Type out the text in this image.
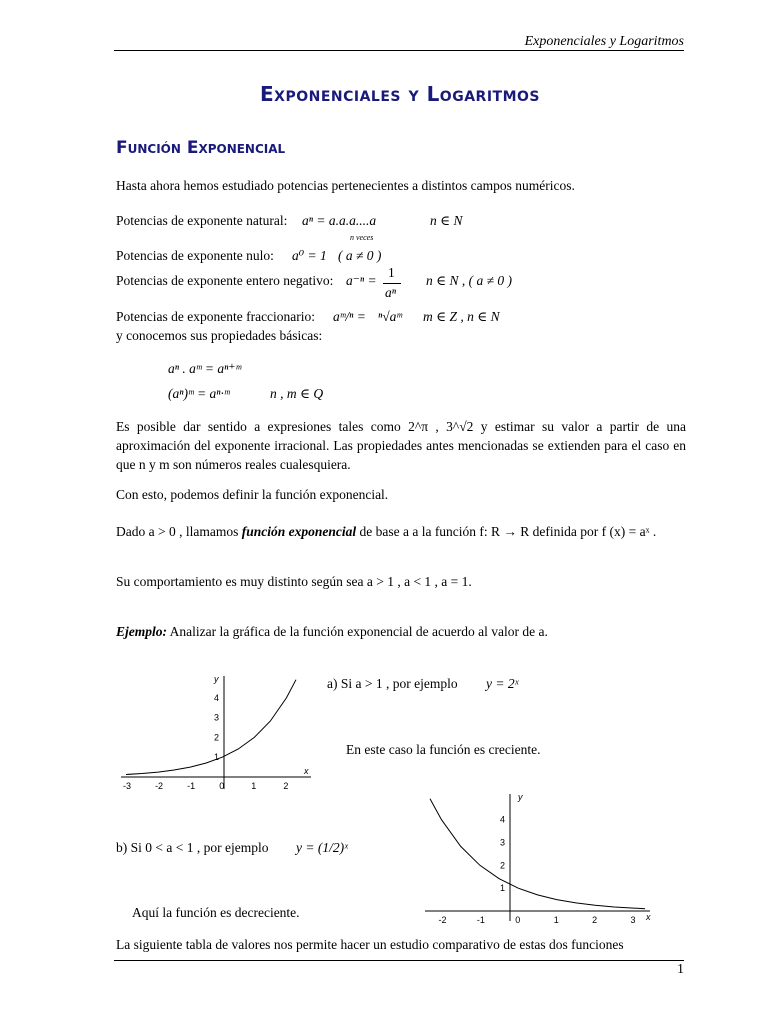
Exponenciales y Logaritmos
Exponenciales y Logaritmos
Función Exponencial
Hasta ahora hemos estudiado potencias pertenecientes a distintos campos numéricos.
Potencias de exponente natural: aⁿ = a.a.a....a
n veces
n ∈ N
Potencias de exponente nulo: a⁰ = 1 ( a ≠ 0 )
Potencias de exponente entero negativo: a⁻ⁿ =
1
aⁿ
n ∈ N , ( a ≠ 0 )
Potencias de exponente fraccionario: aᵐ/ⁿ = ⁿ√aᵐ m ∈ Z , n ∈ N
y conocemos sus propiedades básicas:
aⁿ . aᵐ = aⁿ⁺ᵐ
(aⁿ)ᵐ = aⁿ·ᵐ	n , m ∈ Q
Es posible dar sentido a expresiones tales como 2^π , 3^√2 y estimar su valor a partir de una aproximación del exponente irracional. Las propiedades antes mencionadas se extienden para el caso en que n y m son números reales cualesquiera.
Con esto, podemos definir la función exponencial.
Dado a > 0 , llamamos función exponencial de base a a la función f: R → R definida por f (x) = aˣ .
Su comportamiento es muy distinto según sea a > 1 , a < 1 , a = 1.
Ejemplo: Analizar la gráfica de la función exponencial de acuerdo al valor de a.
x
y
-3	-2	-1	0	1	2
1
2
3
4
a) Si a > 1 , por ejemplo y = 2ˣ
En este caso la función es creciente.
x
y
-2	-1	0	1	2	3
1
2
3
4
b) Si 0 < a < 1 , por ejemplo y = (1/2)ˣ
Aquí la función es decreciente.
La siguiente tabla de valores nos permite hacer un estudio comparativo de estas dos funciones
1
